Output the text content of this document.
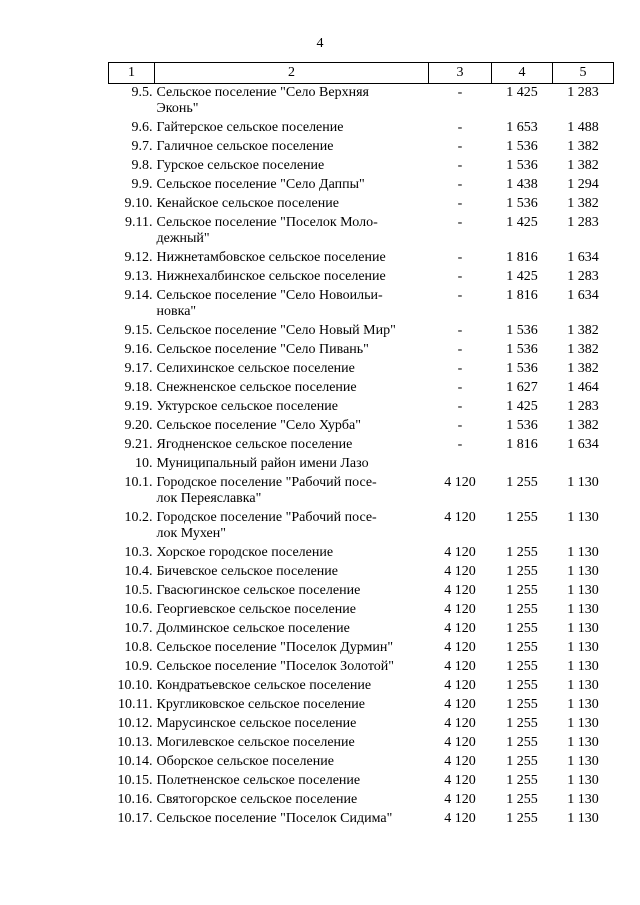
4
1	2	3	4	5
9.5.	Сельское поселение "Село Верхняя
Эконь"	-	1 425	1 283
9.6.	Гайтерское сельское поселение	-	1 653	1 488
9.7.	Галичное сельское поселение	-	1 536	1 382
9.8.	Гурское сельское поселение	-	1 536	1 382
9.9.	Сельское поселение "Село Даппы"	-	1 438	1 294
9.10.	Кенайское сельское поселение	-	1 536	1 382
9.11.	Сельское поселение "Поселок Моло-
дежный"	-	1 425	1 283
9.12.	Нижнетамбовское сельское поселение	-	1 816	1 634
9.13.	Нижнехалбинское сельское поселение	-	1 425	1 283
9.14.	Сельское поселение "Село Новоильи-
новка"	-	1 816	1 634
9.15.	Сельское поселение "Село Новый Мир"	-	1 536	1 382
9.16.	Сельское поселение "Село Пивань"	-	1 536	1 382
9.17.	Селихинское сельское поселение	-	1 536	1 382
9.18.	Снежненское сельское поселение	-	1 627	1 464
9.19.	Уктурское сельское поселение	-	1 425	1 283
9.20.	Сельское поселение "Село Хурба"	-	1 536	1 382
9.21.	Ягодненское сельское поселение	-	1 816	1 634
10.	Муниципальный район имени Лазо			
10.1.	Городское поселение "Рабочий посе-
лок Переяславка"	4 120	1 255	1 130
10.2.	Городское поселение "Рабочий посе-
лок Мухен"	4 120	1 255	1 130
10.3.	Хорское городское поселение	4 120	1 255	1 130
10.4.	Бичевское сельское поселение	4 120	1 255	1 130
10.5.	Гвасюгинское сельское поселение	4 120	1 255	1 130
10.6.	Георгиевское сельское поселение	4 120	1 255	1 130
10.7.	Долминское сельское поселение	4 120	1 255	1 130
10.8.	Сельское поселение "Поселок Дурмин"	4 120	1 255	1 130
10.9.	Сельское поселение "Поселок Золотой"	4 120	1 255	1 130
10.10.	Кондратьевское сельское поселение	4 120	1 255	1 130
10.11.	Кругликовское сельское поселение	4 120	1 255	1 130
10.12.	Марусинское сельское поселение	4 120	1 255	1 130
10.13.	Могилевское сельское поселение	4 120	1 255	1 130
10.14.	Оборское сельское поселение	4 120	1 255	1 130
10.15.	Полетненское сельское поселение	4 120	1 255	1 130
10.16.	Святогорское сельское поселение	4 120	1 255	1 130
10.17.	Сельское поселение "Поселок Сидима"	4 120	1 255	1 130
